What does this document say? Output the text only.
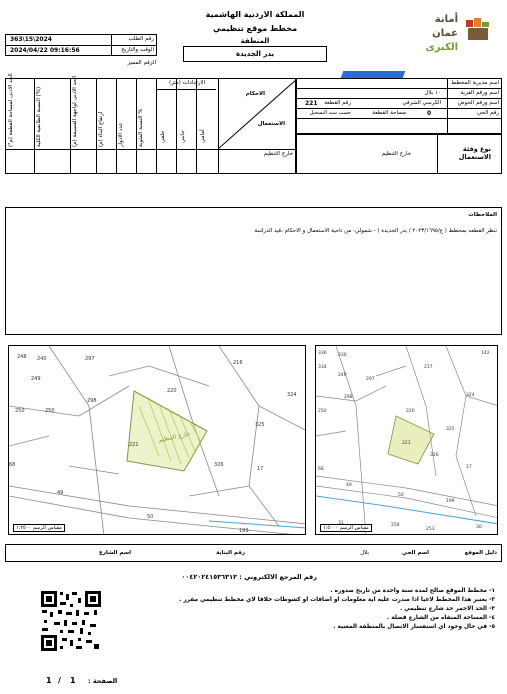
أمانة
عمان
الكبرى
المملكة الاردنية الهاشمية
مخطط موقع تنظيمي
المنطقة
بدر الجديدة
363\15\2024	رقم الطلب
2024/04/22 09:16:56	الوقت والتاريخ
الرقم المميز
اسم مديرية المخطط
اسم ورقم القرية
١٠ بلال
اسم ورقم الحوض
الكرسي الشرقي
رقم القطعة
221
رقم الحي
0
مساحة القطعة
حسب سند التسجيل
نوع وفئة الاستعمال
خارج التنظيم
الارتدادات (متر)
الحد الادنى لمساحة القطعة (م²)	النسبة الطابقية الكلية (%)	الحد الادنى لواجهة القسيمة (م)	ارتفاع البناء (م)	عدد الادوار	النسبة المئوية %
خلفي	جانبي	أمامي
الاحكام
الاستعمال
خارج التنظيم
الملاحظات
تنظر القطعه بمخطط ( ع/٢٠٢٣/١٦٩٥ / بدر الجديدة ) - شمولي- من ناحية الاستعمال و الاحكام ،قيد الدراسة
248 240	297
249
250	250
298
220
216
324
325
221
326
17
68
49
50
199
خارج التنظيم
مقياس الرسم ١:٢٥٠٠
336	330
334
249
297
217
142
298
250	220
324
325
221
326
17
68
49
50
199
256
253	30
مقياس الرسم ١:٥٠٠٠
دليل الموقع
بلال	اسم الحي
رقم البناية
اسم الشارع
رقم المرجع الالكتروني : ٠٠٤٢٠٢٤١٥٣٦٣١٣
١- مخطط الموقع صالح لمدة سنة واحدة من تاريخ صدوره .
٢- يعتبر هذا المخطط لاغيا اذا صدرت عليه اية معلومات او اضافات او كشوطات خلافا لاي مخطط تنظيمي مقرر .
٣- الحد الاحمر حد شارع تنظيمي .
٤- المساحة المنفاه من الشارع فضلة .
٥- في حال وجود اي استفسار الاتصال بالمنطقة المعنية .
1 / 1 الصفحة :
